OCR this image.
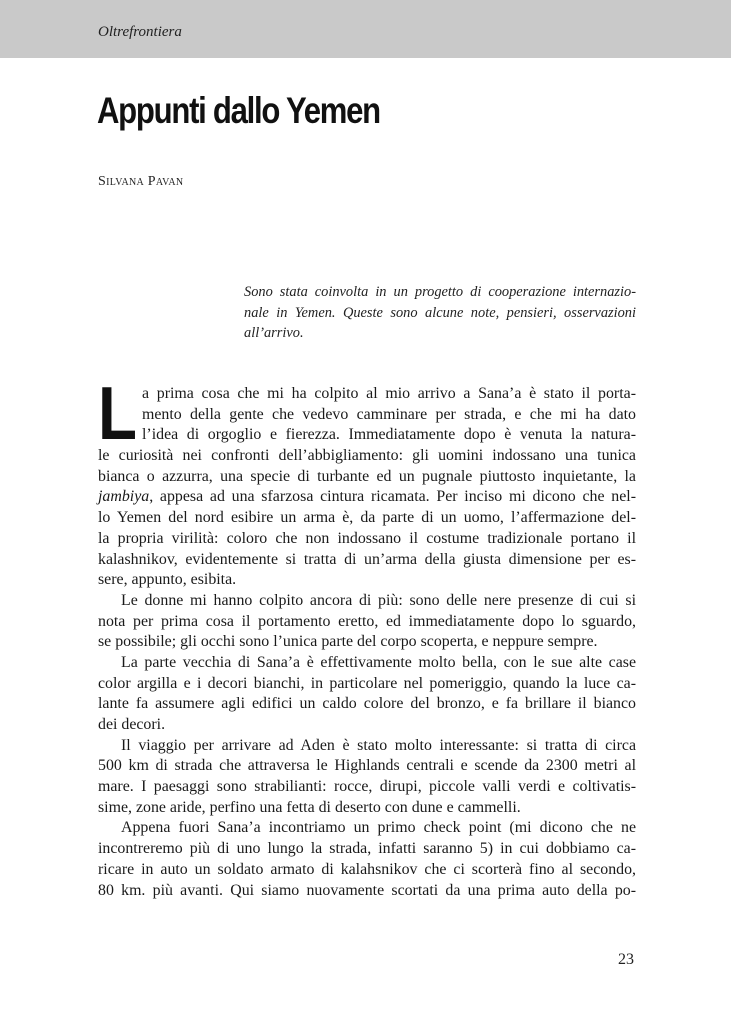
Oltrefrontiera
Appunti dallo Yemen
Silvana Pavan
Sono stata coinvolta in un progetto di cooperazione internazio-
nale in Yemen. Queste sono alcune note, pensieri, osservazioni
all’arrivo.
L a prima cosa che mi ha colpito al mio arrivo a Sana’a è stato il porta-
mento della gente che vedevo camminare per strada, e che mi ha dato
l’idea di orgoglio e fierezza. Immediatamente dopo è venuta la natura-
le curiosità nei confronti dell’abbigliamento: gli uomini indossano una tunica
bianca o azzurra, una specie di turbante ed un pugnale piuttosto inquietante, la
jambiya, appesa ad una sfarzosa cintura ricamata. Per inciso mi dicono che nel-
lo Yemen del nord esibire un arma è, da parte di un uomo, l’affermazione del-
la propria virilità: coloro che non indossano il costume tradizionale portano il
kalashnikov, evidentemente si tratta di un’arma della giusta dimensione per es-
sere, appunto, esibita.
Le donne mi hanno colpito ancora di più: sono delle nere presenze di cui si
nota per prima cosa il portamento eretto, ed immediatamente dopo lo sguardo,
se possibile; gli occhi sono l’unica parte del corpo scoperta, e neppure sempre.
La parte vecchia di Sana’a è effettivamente molto bella, con le sue alte case
color argilla e i decori bianchi, in particolare nel pomeriggio, quando la luce ca-
lante fa assumere agli edifici un caldo colore del bronzo, e fa brillare il bianco
dei decori.
Il viaggio per arrivare ad Aden è stato molto interessante: si tratta di circa
500 km di strada che attraversa le Highlands centrali e scende da 2300 metri al
mare. I paesaggi sono strabilianti: rocce, dirupi, piccole valli verdi e coltivatis-
sime, zone aride, perfino una fetta di deserto con dune e cammelli.
Appena fuori Sana’a incontriamo un primo check point (mi dicono che ne
incontreremo più di uno lungo la strada, infatti saranno 5) in cui dobbiamo ca-
ricare in auto un soldato armato di kalahsnikov che ci scorterà fino al secondo,
80 km. più avanti. Qui siamo nuovamente scortati da una prima auto della po-
23
